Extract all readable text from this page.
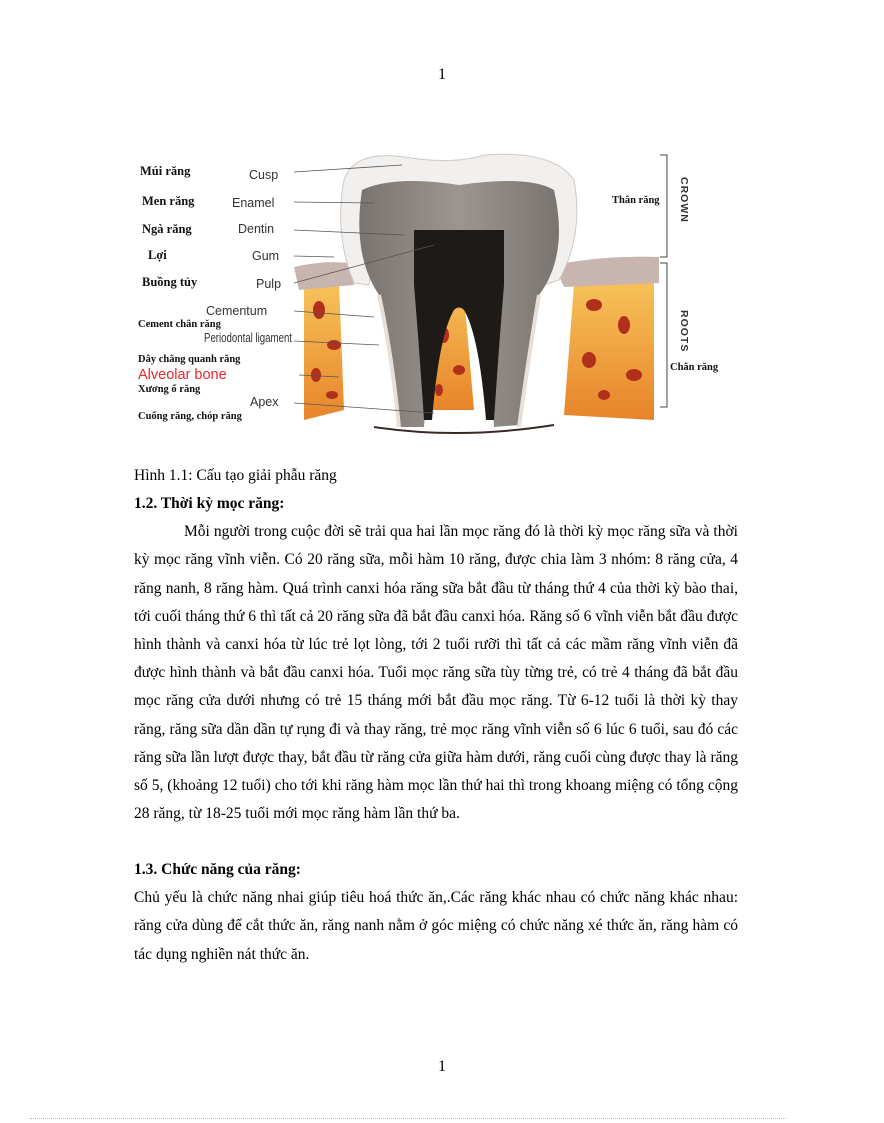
1
Múi răng	Cusp
Men răng	Enamel
Ngà răng	Dentin
Lợi	Gum
Buồng tủy	Pulp
Cementum
Cement chân răng
Periodontal ligament
Dây chằng quanh răng
Alveolar bone
Xương ổ răng
Apex
Cuống răng, chóp răng
Thân răng CROWN
Chân răng
ROOTS
Hình 1.1: Cấu tạo giải phẫu răng
1.2. Thời kỳ mọc răng:
Mỗi người trong cuộc đời sẽ trải qua hai lần mọc răng đó là thời kỳ mọc răng sữa và thời kỳ mọc răng vĩnh viễn. Có 20 răng sữa, mỗi hàm 10 răng, được chia làm 3 nhóm: 8 răng cửa, 4 răng nanh, 8 răng hàm. Quá trình canxi hóa răng sữa bắt đầu từ tháng thứ 4 của thời kỳ bào thai, tới cuối tháng thứ 6 thì tất cả 20 răng sữa đã bắt đầu canxi hóa. Răng số 6 vĩnh viễn bắt đầu được hình thành và canxi hóa từ lúc trẻ lọt lòng, tới 2 tuổi rưỡi thì tất cả các mầm răng vĩnh viễn đã được hình thành và bắt đầu canxi hóa. Tuổi mọc răng sữa tùy từng trẻ, có trẻ 4 tháng đã bắt đầu mọc răng cửa dưới nhưng có trẻ 15 tháng mới bắt đầu mọc răng. Từ 6-12 tuổi là thời kỳ thay răng, răng sữa dần dần tự rụng đi và thay răng, trẻ mọc răng vĩnh viễn số 6 lúc 6 tuổi, sau đó các răng sữa lần lượt được thay, bắt đầu từ răng cửa giữa hàm dưới, răng cuối cùng được thay là răng số 5, (khoảng 12 tuổi) cho tới khi răng hàm mọc lần thứ hai thì trong khoang miệng có tổng cộng 28 răng, từ 18-25 tuổi mới mọc răng hàm lần thứ ba.
1.3. Chức năng của răng:
Chủ yếu là chức năng nhai giúp tiêu hoá thức ăn,.Các răng khác nhau có chức năng khác nhau: răng cửa dùng để cắt thức ăn, răng nanh nằm ở góc miệng có chức năng xé thức ăn, răng hàm có tác dụng nghiền nát thức ăn.
1
